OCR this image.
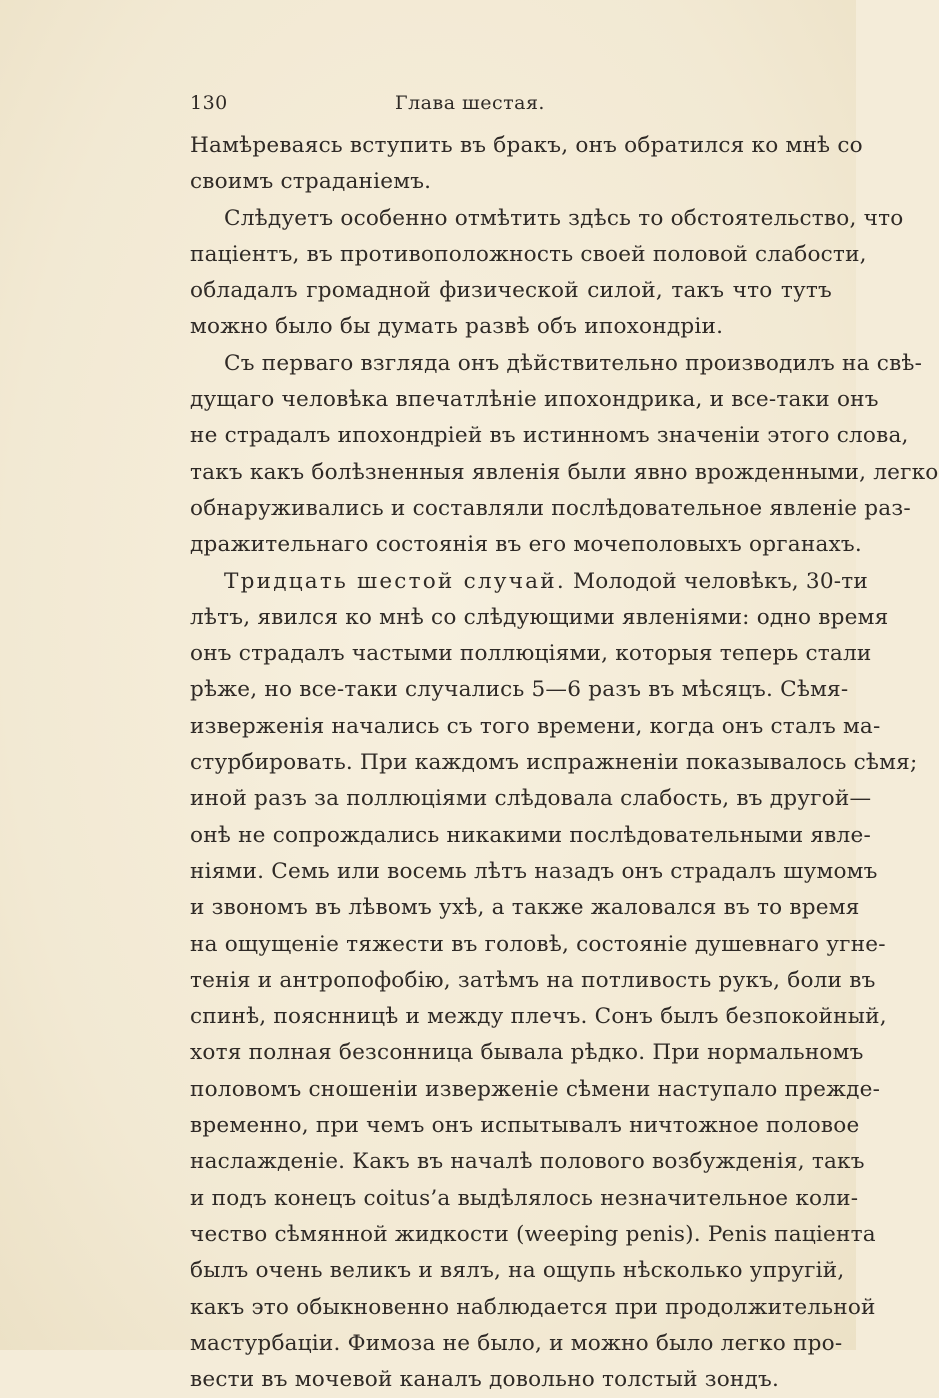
130	Глава шестая.
Намѣреваясь вступить въ бракъ, онъ обратился ко мнѣ со
своимъ страданіемъ.
Слѣдуетъ особенно отмѣтить здѣсь то обстоятельство, что
паціентъ, въ противоположность своей половой слабости,
обладалъ громадной физической силой, такъ что тутъ
можно было бы думать развѣ объ ипохондріи.
Съ перваго взгляда онъ дѣйствительно производилъ на свѣ-
дущаго человѣка впечатлѣніе ипохондрика, и все-таки онъ
не страдалъ ипохондріей въ истинномъ значеніи этого слова,
такъ какъ болѣзненныя явленія были явно врожденными, легко
обнаруживались и составляли послѣдовательное явленіе раз-
дражительнаго состоянія въ его мочеполовыхъ органахъ.
Тридцать шестой случай. Молодой человѣкъ, 30-ти
лѣтъ, явился ко мнѣ со слѣдующими явленіями: одно время
онъ страдалъ частыми поллюціями, которыя теперь стали
рѣже, но все-таки случались 5—6 разъ въ мѣсяцъ. Сѣмя-
изверженія начались съ того времени, когда онъ сталъ ма-
стурбировать. При каждомъ испражненіи показывалось сѣмя;
иной разъ за поллюціями слѣдовала слабость, въ другой—
онѣ не сопрождались никакими послѣдовательными явле-
ніями. Семь или восемь лѣтъ назадъ онъ страдалъ шумомъ
и звономъ въ лѣвомъ ухѣ, а также жаловался въ то время
на ощущеніе тяжести въ головѣ, состояніе душевнаго угне-
тенія и антропофобію, затѣмъ на потливость рукъ, боли въ
спинѣ, пояснницѣ и между плечъ. Сонъ былъ безпокойный,
хотя полная безсонница бывала рѣдко. При нормальномъ
половомъ сношеніи изверженіе сѣмени наступало прежде-
временно, при чемъ онъ испытывалъ ничтожное половое
наслажденіе. Какъ въ началѣ полового возбужденія, такъ
и подъ конецъ coitus’а выдѣлялось незначительное коли-
чество сѣмянной жидкости (weeping penis). Penis паціента
былъ очень великъ и вялъ, на ощупь нѣсколько упругій,
какъ это обыкновенно наблюдается при продолжительной
мастурбаціи. Фимоза не было, и можно было легко про-
вести въ мочевой каналъ довольно толстый зондъ.
